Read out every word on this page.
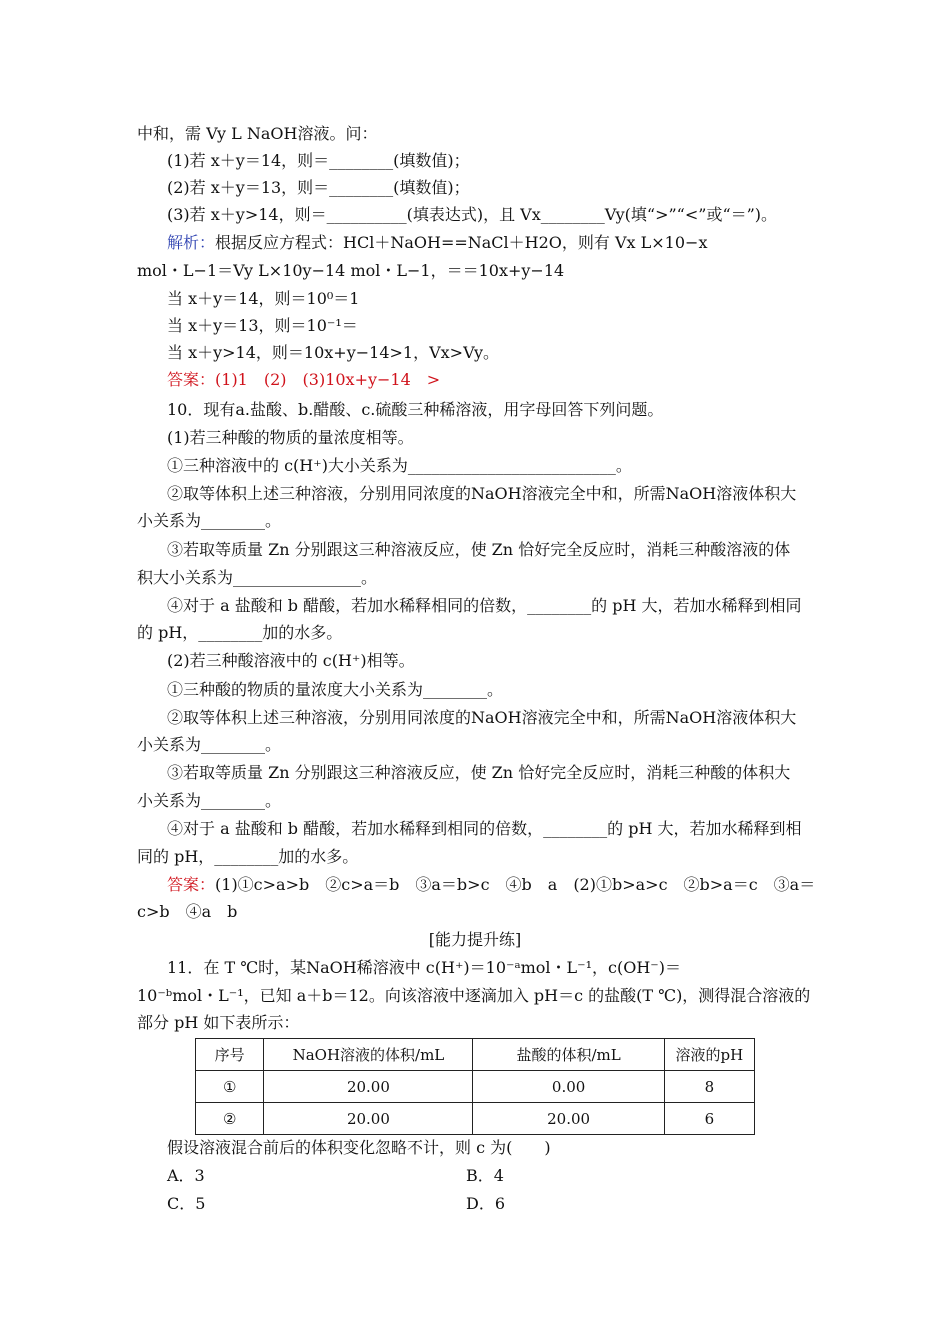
中和，需 Vy L NaOH溶液。问：
(1)若 x＋y＝14，则＝________(填数值)；
(2)若 x＋y＝13，则＝________(填数值)；
(3)若 x＋y>14，则＝__________(填表达式)，且 Vx________Vy(填“>”“<”或“＝”)。
解析：根据反应方程式：HCl＋NaOH==NaCl＋H2O，则有 Vx L×10−x
mol・L−1＝Vy L×10y−14 mol・L−1，＝＝10x+y−14
当 x＋y＝14，则＝10⁰＝1
当 x＋y＝13，则＝10⁻¹＝
当 x＋y>14，则＝10x+y−14>1，Vx>Vy。
答案：(1)1　(2)　(3)10x+y−14　>
10．现有a.盐酸、b.醋酸、c.硫酸三种稀溶液，用字母回答下列问题。
(1)若三种酸的物质的量浓度相等。
①三种溶液中的 c(H⁺)大小关系为__________________________。
②取等体积上述三种溶液，分别用同浓度的NaOH溶液完全中和，所需NaOH溶液体积大
小关系为________。
③若取等质量 Zn 分别跟这三种溶液反应，使 Zn 恰好完全反应时，消耗三种酸溶液的体
积大小关系为________________。
④对于 a 盐酸和 b 醋酸，若加水稀释相同的倍数，________的 pH 大，若加水稀释到相同
的 pH，________加的水多。
(2)若三种酸溶液中的 c(H⁺)相等。
①三种酸的物质的量浓度大小关系为________。
②取等体积上述三种溶液，分别用同浓度的NaOH溶液完全中和，所需NaOH溶液体积大
小关系为________。
③若取等质量 Zn 分别跟这三种溶液反应，使 Zn 恰好完全反应时，消耗三种酸的体积大
小关系为________。
④对于 a 盐酸和 b 醋酸，若加水稀释到相同的倍数，________的 pH 大，若加水稀释到相
同的 pH，________加的水多。
答案：(1)①c>a>b　②c>a＝b　③a＝b>c　④b　a　(2)①b>a>c　②b>a＝c　③a＝
c>b　④a　b
[能力提升练]
11．在 T ℃时，某NaOH稀溶液中 c(H⁺)＝10⁻ᵃmol・L⁻¹，c(OH⁻)＝
10⁻ᵇmol・L⁻¹，已知 a＋b＝12。向该溶液中逐滴加入 pH＝c 的盐酸(T ℃)，测得混合溶液的
部分 pH 如下表所示：
序号	NaOH溶液的体积/mL	盐酸的体积/mL	溶液的pH
①	20.00	0.00	8
②	20.00	20.00	6
假设溶液混合前后的体积变化忽略不计，则 c 为(　　)
A．3	B．4
C．5	D．6
